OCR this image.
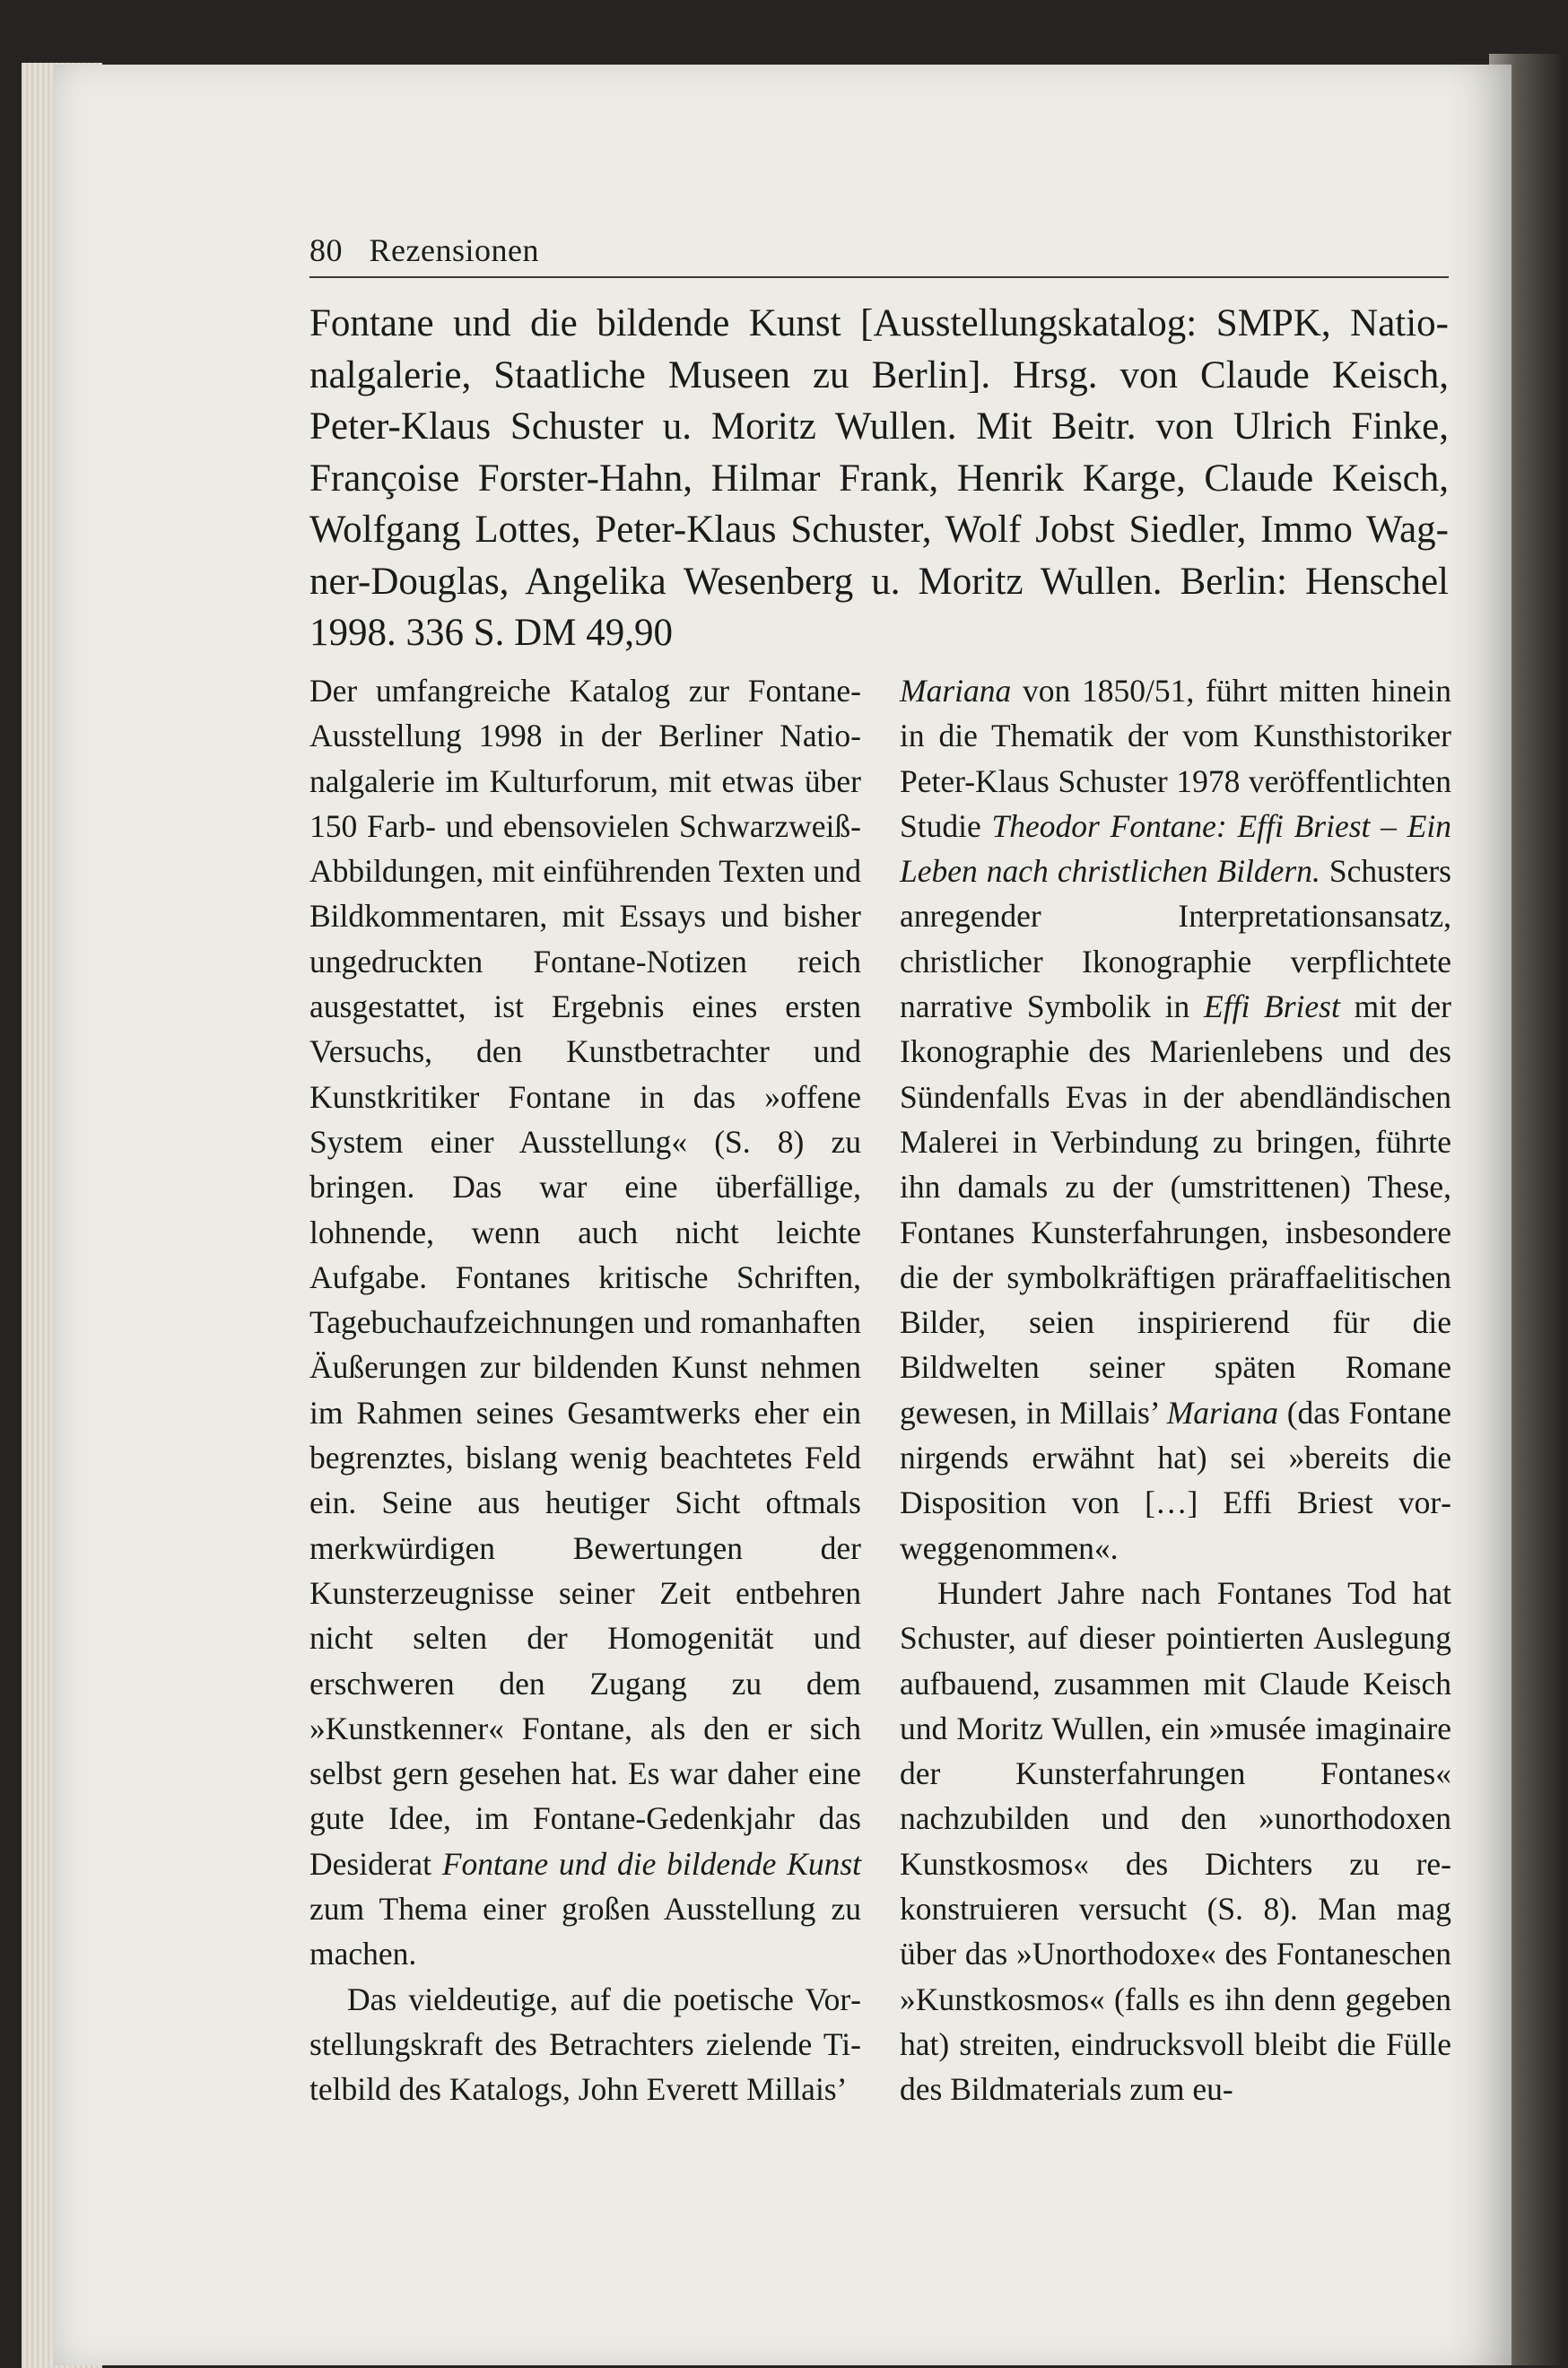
80 Rezensionen
Fontane und die bildende Kunst [Ausstellungskatalog: SMPK, Natio-
nalgalerie, Staatliche Museen zu Berlin]. Hrsg. von Claude Keisch,
Peter-Klaus Schuster u. Moritz Wullen. Mit Beitr. von Ulrich Finke,
Françoise Forster-Hahn, Hilmar Frank, Henrik Karge, Claude Keisch,
Wolfgang Lottes, Peter-Klaus Schuster, Wolf Jobst Siedler, Immo Wag-
ner-Douglas, Angelika Wesenberg u. Moritz Wullen. Berlin: Henschel
1998. 336 S. DM 49,90

Der umfangreiche Katalog zur Fontane-Ausstellung 1998 in der Berliner Nationalgalerie im Kulturforum, mit etwas über 150 Farb- und ebensovielen Schwarzweiß-Abbildungen, mit einführenden Texten und Bildkommentaren, mit Essays und bisher ungedruckten Fontane-Notizen reich ausgestattet, ist Ergebnis eines ersten Versuchs, den Kunstbetrachter und Kunstkritiker Fontane in das »offene System einer Ausstellung« (S. 8) zu bringen. Das war eine überfällige, lohnende, wenn auch nicht leichte Aufgabe. Fontanes kritische Schriften, Tagebuchaufzeichnungen und romanhaften Äußerungen zur bildenden Kunst nehmen im Rahmen seines Gesamtwerks eher ein begrenztes, bislang wenig beachtetes Feld ein. Seine aus heutiger Sicht oftmals merkwürdigen Bewertungen der Kunsterzeugnisse seiner Zeit entbehren nicht selten der Homogenität und erschweren den Zugang zu dem »Kunstkenner« Fontane, als den er sich selbst gern gesehen hat. Es war daher eine gute Idee, im Fontane-Gedenkjahr das Desiderat Fontane und die bildende Kunst zum Thema einer großen Ausstellung zu machen.

Das vieldeutige, auf die poetische Vorstellungskraft des Betrachters zielende Titelbild des Katalogs, John Everett Millais’

Mariana von 1850/51, führt mitten hinein in die Thematik der vom Kunsthistoriker Peter-Klaus Schuster 1978 veröffentlichten Studie Theodor Fontane: Effi Briest – Ein Leben nach christlichen Bildern. Schusters anregender Interpretationsansatz, christlicher Ikonographie verpflichtete narrative Symbolik in Effi Briest mit der Ikonographie des Marienlebens und des Sündenfalls Evas in der abendländischen Malerei in Verbindung zu bringen, führte ihn damals zu der (umstrittenen) These, Fontanes Kunsterfahrungen, insbesondere die der symbolkräftigen präraffaelitischen Bilder, seien inspirierend für die Bildwelten seiner späten Romane gewesen, in Millais’ Mariana (das Fontane nirgends erwähnt hat) sei »bereits die Disposition von […] Effi Briest vorweggenommen«.

Hundert Jahre nach Fontanes Tod hat Schuster, auf dieser pointierten Auslegung aufbauend, zusammen mit Claude Keisch und Moritz Wullen, ein »musée imaginaire der Kunsterfahrungen Fontanes« nachzubilden und den »unorthodoxen Kunstkosmos« des Dichters zu rekonstruieren versucht (S. 8). Man mag über das »Unorthodoxe« des Fontaneschen »Kunstkosmos« (falls es ihn denn gegeben hat) streiten, eindrucksvoll bleibt die Fülle des Bildmaterials zum eu-
